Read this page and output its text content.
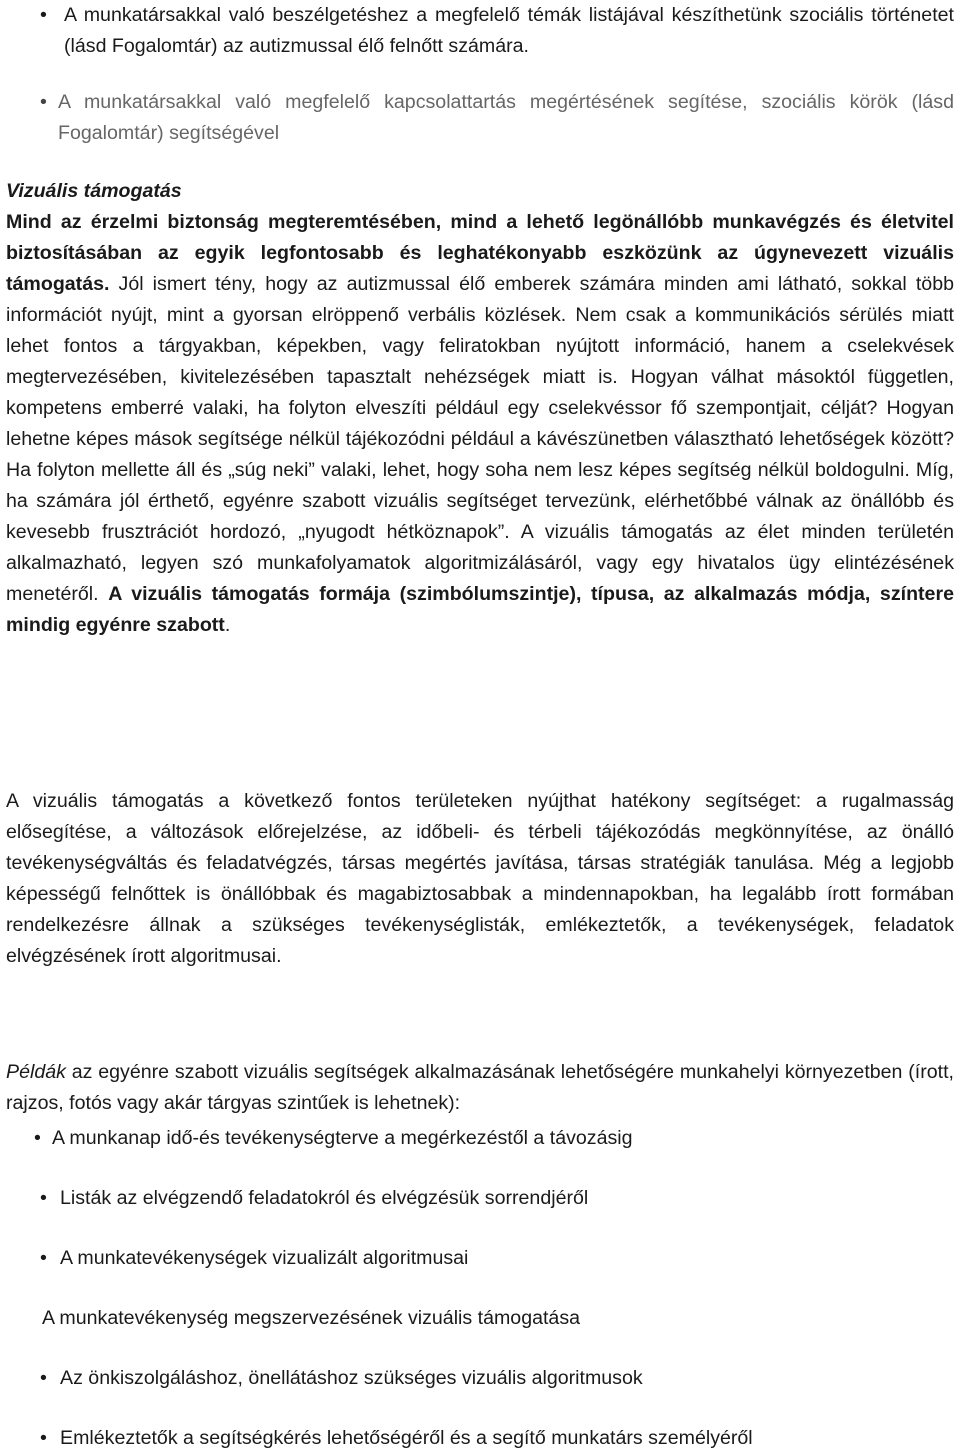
• A munkatársakkal való beszélgetéshez a megfelelő témák listájával készíthetünk szociális történetet (lásd Fogalomtár) az autizmussal élő felnőtt számára.
• A munkatársakkal való megfelelő kapcsolattartás megértésének segítése, szociális körök (lásd Fogalomtár) segítségével
Vizuális támogatás
Mind az érzelmi biztonság megteremtésében, mind a lehető legönállóbb munkavégzés és életvitel biztosításában az egyik legfontosabb és leghatékonyabb eszközünk az úgynevezett vizuális támogatás. Jól ismert tény, hogy az autizmussal élő emberek számára minden ami látható, sokkal több információt nyújt, mint a gyorsan elröppenő verbális közlések. Nem csak a kommunikációs sérülés miatt lehet fontos a tárgyakban, képekben, vagy feliratokban nyújtott információ, hanem a cselekvések megtervezésében, kivitelezésében tapasztalt nehézségek miatt is. Hogyan válhat másoktól független, kompetens emberré valaki, ha folyton elveszíti például egy cselekvéssor fő szempontjait, célját? Hogyan lehetne képes mások segítsége nélkül tájékozódni például a kávészünetben választható lehetőségek között? Ha folyton mellette áll és „súg neki” valaki, lehet, hogy soha nem lesz képes segítség nélkül boldogulni. Míg, ha számára jól érthető, egyénre szabott vizuális segítséget tervezünk, elérhetőbbé válnak az önállóbb és kevesebb frusztrációt hordozó, „nyugodt hétköznapok”. A vizuális támogatás az élet minden területén alkalmazható, legyen szó munkafolyamatok algoritmizálásáról, vagy egy hivatalos ügy elintézésének menetéről. A vizuális támogatás formája (szimbólumszintje), típusa, az alkalmazás módja, színtere mindig egyénre szabott.
A vizuális támogatás a következő fontos területeken nyújthat hatékony segítséget: a rugalmasság elősegítése, a változások előrejelzése, az időbeli- és térbeli tájékozódás megkönnyítése, az önálló tevékenységváltás és feladatvégzés, társas megértés javítása, társas stratégiák tanulása. Még a legjobb képességű felnőttek is önállóbbak és magabiztosabbak a mindennapokban, ha legalább írott formában rendelkezésre állnak a szükséges tevékenységlisták, emlékeztetők, a tevékenységek, feladatok elvégzésének írott algoritmusai.
Példák az egyénre szabott vizuális segítségek alkalmazásának lehetőségére munkahelyi környezetben (írott, rajzos, fotós vagy akár tárgyas szintűek is lehetnek):
• A munkanap idő-és tevékenységterve a megérkezéstől a távozásig
• Listák az elvégzendő feladatokról és elvégzésük sorrendjéről
• A munkatevékenységek vizualizált algoritmusai
A munkatevékenység megszervezésének vizuális támogatása
• Az önkiszolgáláshoz, önellátáshoz szükséges vizuális algoritmusok
• Emlékeztetők a segítségkérés lehetőségéről és a segítő munkatárs személyéről
